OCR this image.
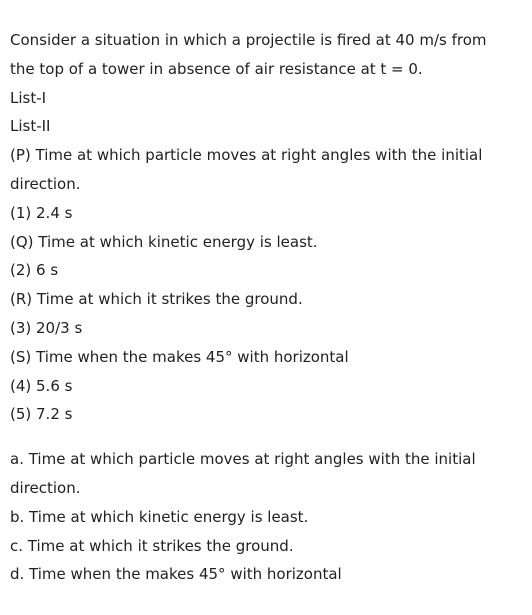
Consider a situation in which a projectile is fired at 40 m/s from

the top of a tower in absence of air resistance at t = 0.

List-I

List-II

(P) Time at which particle moves at right angles with the initial

direction.

(1) 2.4 s

(Q) Time at which kinetic energy is least.

(2) 6 s

(R) Time at which it strikes the ground.

(3) 20/3 s

(S) Time when the makes 45° with horizontal

(4) 5.6 s

(5) 7.2 s

a. Time at which particle moves at right angles with the initial

direction.

b. Time at which kinetic energy is least.

c. Time at which it strikes the ground.

d. Time when the makes 45° with horizontal
